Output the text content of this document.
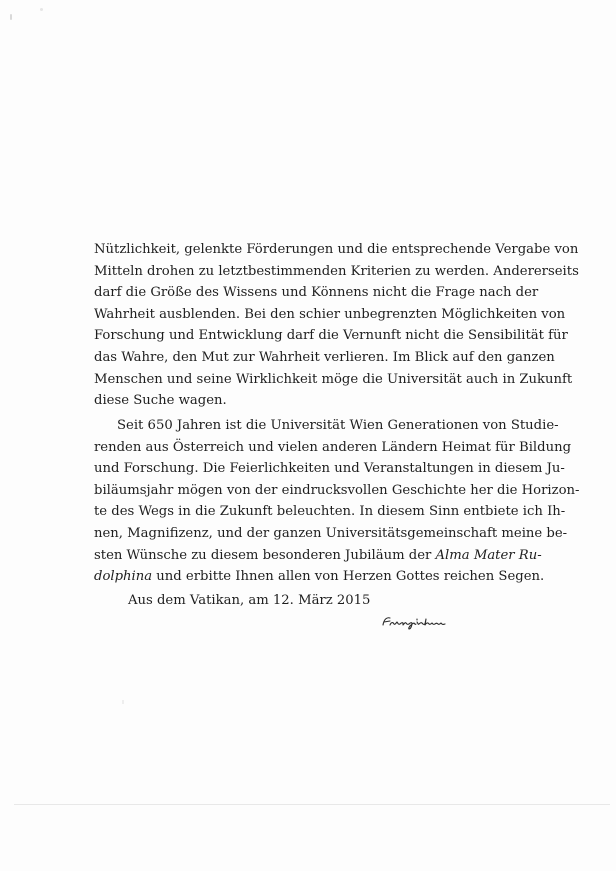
Nützlichkeit, gelenkte Förderungen und die entsprechende Vergabe von
Mitteln drohen zu letztbestimmenden Kriterien zu werden. Andererseits
darf die Größe des Wissens und Könnens nicht die Frage nach der
Wahrheit ausblenden. Bei den schier unbegrenzten Möglichkeiten von
Forschung und Entwicklung darf die Vernunft nicht die Sensibilität für
das Wahre, den Mut zur Wahrheit verlieren. Im Blick auf den ganzen
Menschen und seine Wirklichkeit möge die Universität auch in Zukunft
diese Suche wagen.

Seit 650 Jahren ist die Universität Wien Generationen von Studie-
renden aus Österreich und vielen anderen Ländern Heimat für Bildung
und Forschung. Die Feierlichkeiten und Veranstaltungen in diesem Ju-
biläumsjahr mögen von der eindrucksvollen Geschichte her die Horizon-
te des Wegs in die Zukunft beleuchten. In diesem Sinn entbiete ich Ih-
nen, Magnifizenz, und der ganzen Universitätsgemeinschaft meine be-
sten Wünsche zu diesem besonderen Jubiläum der Alma Mater Ru-
dolphina und erbitte Ihnen allen von Herzen Gottes reichen Segen.

Aus dem Vatikan, am 12. März 2015
